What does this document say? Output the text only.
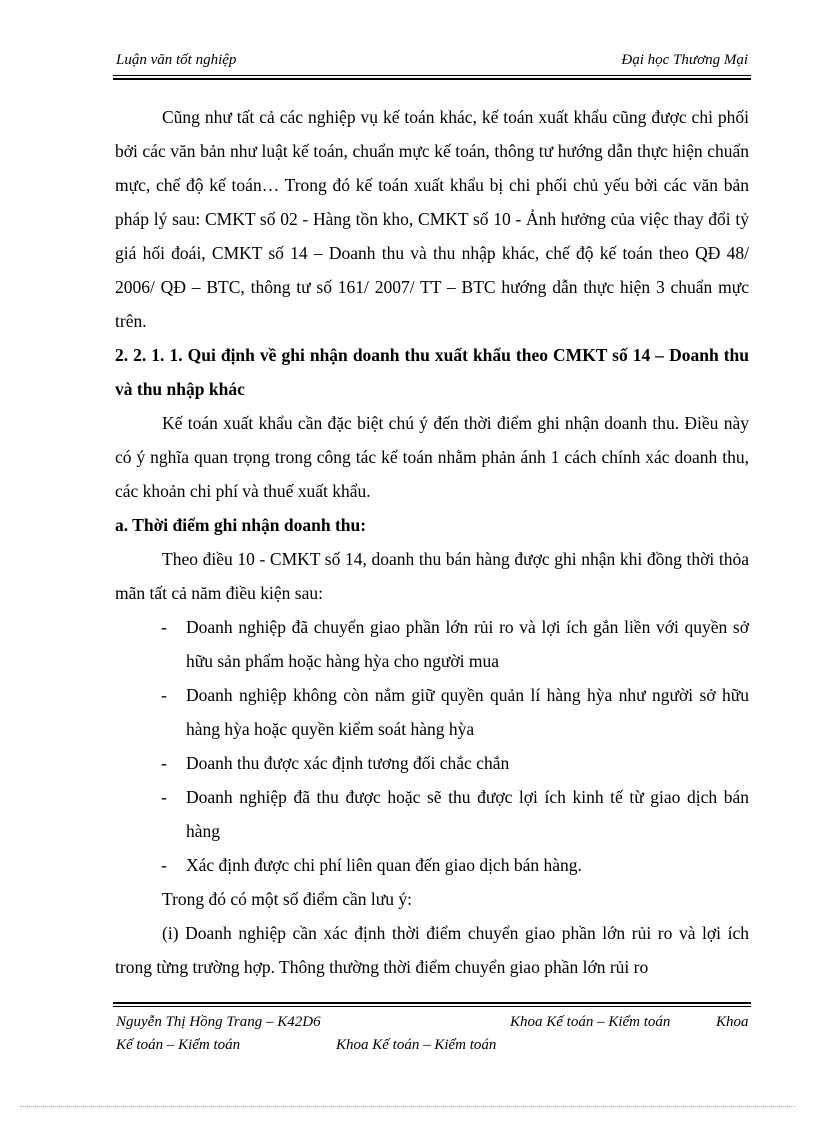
Luận văn tốt nghiệp	Đại học Thương Mại

Cũng như tất cả các nghiệp vụ kế toán khác, kế toán xuất khẩu cũng được chi phối bởi các văn bản như luật kế toán, chuẩn mực kế toán, thông tư hướng dẫn thực hiện chuẩn mực, chế độ kế toán… Trong đó kế toán xuất khẩu bị chi phối chủ yếu bởi các văn bản pháp lý sau: CMKT số 02 - Hàng tồn kho, CMKT số 10 - Ảnh hưởng của việc thay đổi tỷ giá hối đoái, CMKT số 14 – Doanh thu và thu nhập khác, chế độ kế toán theo QĐ 48/ 2006/ QĐ – BTC, thông tư số 161/ 2007/ TT – BTC hướng dẫn thực hiện 3 chuẩn mực trên.

2. 2. 1. 1. Qui định về ghi nhận doanh thu xuất khẩu theo CMKT số 14 – Doanh thu và thu nhập khác

Kế toán xuất khẩu cần đặc biệt chú ý đến thời điểm ghi nhận doanh thu. Điều này có ý nghĩa quan trọng trong công tác kế toán nhằm phản ánh 1 cách chính xác doanh thu, các khoản chi phí và thuế xuất khẩu.

a. Thời điểm ghi nhận doanh thu:

Theo điều 10 - CMKT số 14, doanh thu bán hàng được ghi nhận khi đồng thời thỏa mãn tất cả năm điều kiện sau:

- Doanh nghiệp đã chuyển giao phần lớn rủi ro và lợi ích gắn liền với quyền sở hữu sản phẩm hoặc hàng hỳa cho người mua
- Doanh nghiệp không còn nắm giữ quyền quản lí hàng hỳa như người sở hữu hàng hỳa hoặc quyền kiểm soát hàng hỳa
- Doanh thu được xác định tương đối chắc chắn
- Doanh nghiệp đã thu được hoặc sẽ thu được lợi ích kinh tế từ giao dịch bán hàng
- Xác định được chi phí liên quan đến giao dịch bán hàng.

Trong đó có một số điểm cần lưu ý:

(i) Doanh nghiệp cần xác định thời điểm chuyển giao phần lớn rủi ro và lợi ích trong từng trường hợp. Thông thường thời điểm chuyển giao phần lớn rủi ro

Nguyễn Thị Hồng Trang – K42D6	Khoa Kế toán – Kiểm toán	Khoa
Kế toán – Kiểm toán	Khoa Kế toán – Kiểm toán
